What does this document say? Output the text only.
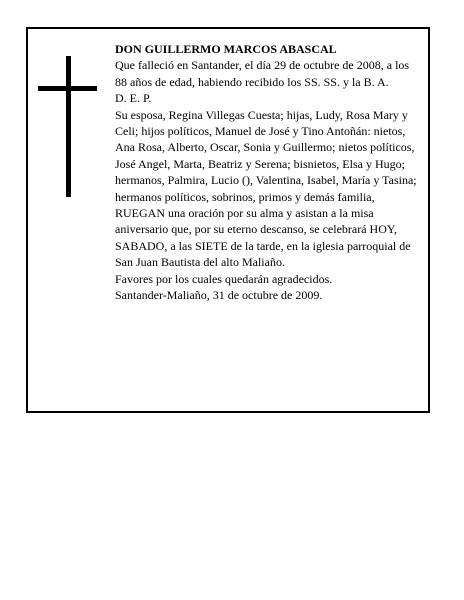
DON GUILLERMO MARCOS ABASCAL

Que falleció en Santander, el día 29 de octubre de 2008, a los

88 años de edad, habiendo recibido los SS. SS. y la B. A.

D. E. P.

Su esposa, Regina Villegas Cuesta; hijas, Ludy, Rosa Mary y Celi; hijos políticos, Manuel de José y Tino Antoñán: nietos, Ana Rosa, Alberto, Oscar, Sonia y Guillermo; nietos políticos, José Angel, Marta, Beatriz y Serena; bisnietos, Elsa y Hugo; hermanos, Palmira, Lucio (), Valentina, Isabel, María y Tasina; hermanos políticos, sobrinos, primos y demás familia,

RUEGAN una oración por su alma y asistan a la misa aniversario que, por su eterno descanso, se celebrará HOY, SABADO, a las SIETE de la tarde, en la iglesia parroquial de San Juan Bautista del alto Maliaño.

Favores por los cuales quedarán agradecidos.

Santander-Maliaño, 31 de octubre de 2009.
